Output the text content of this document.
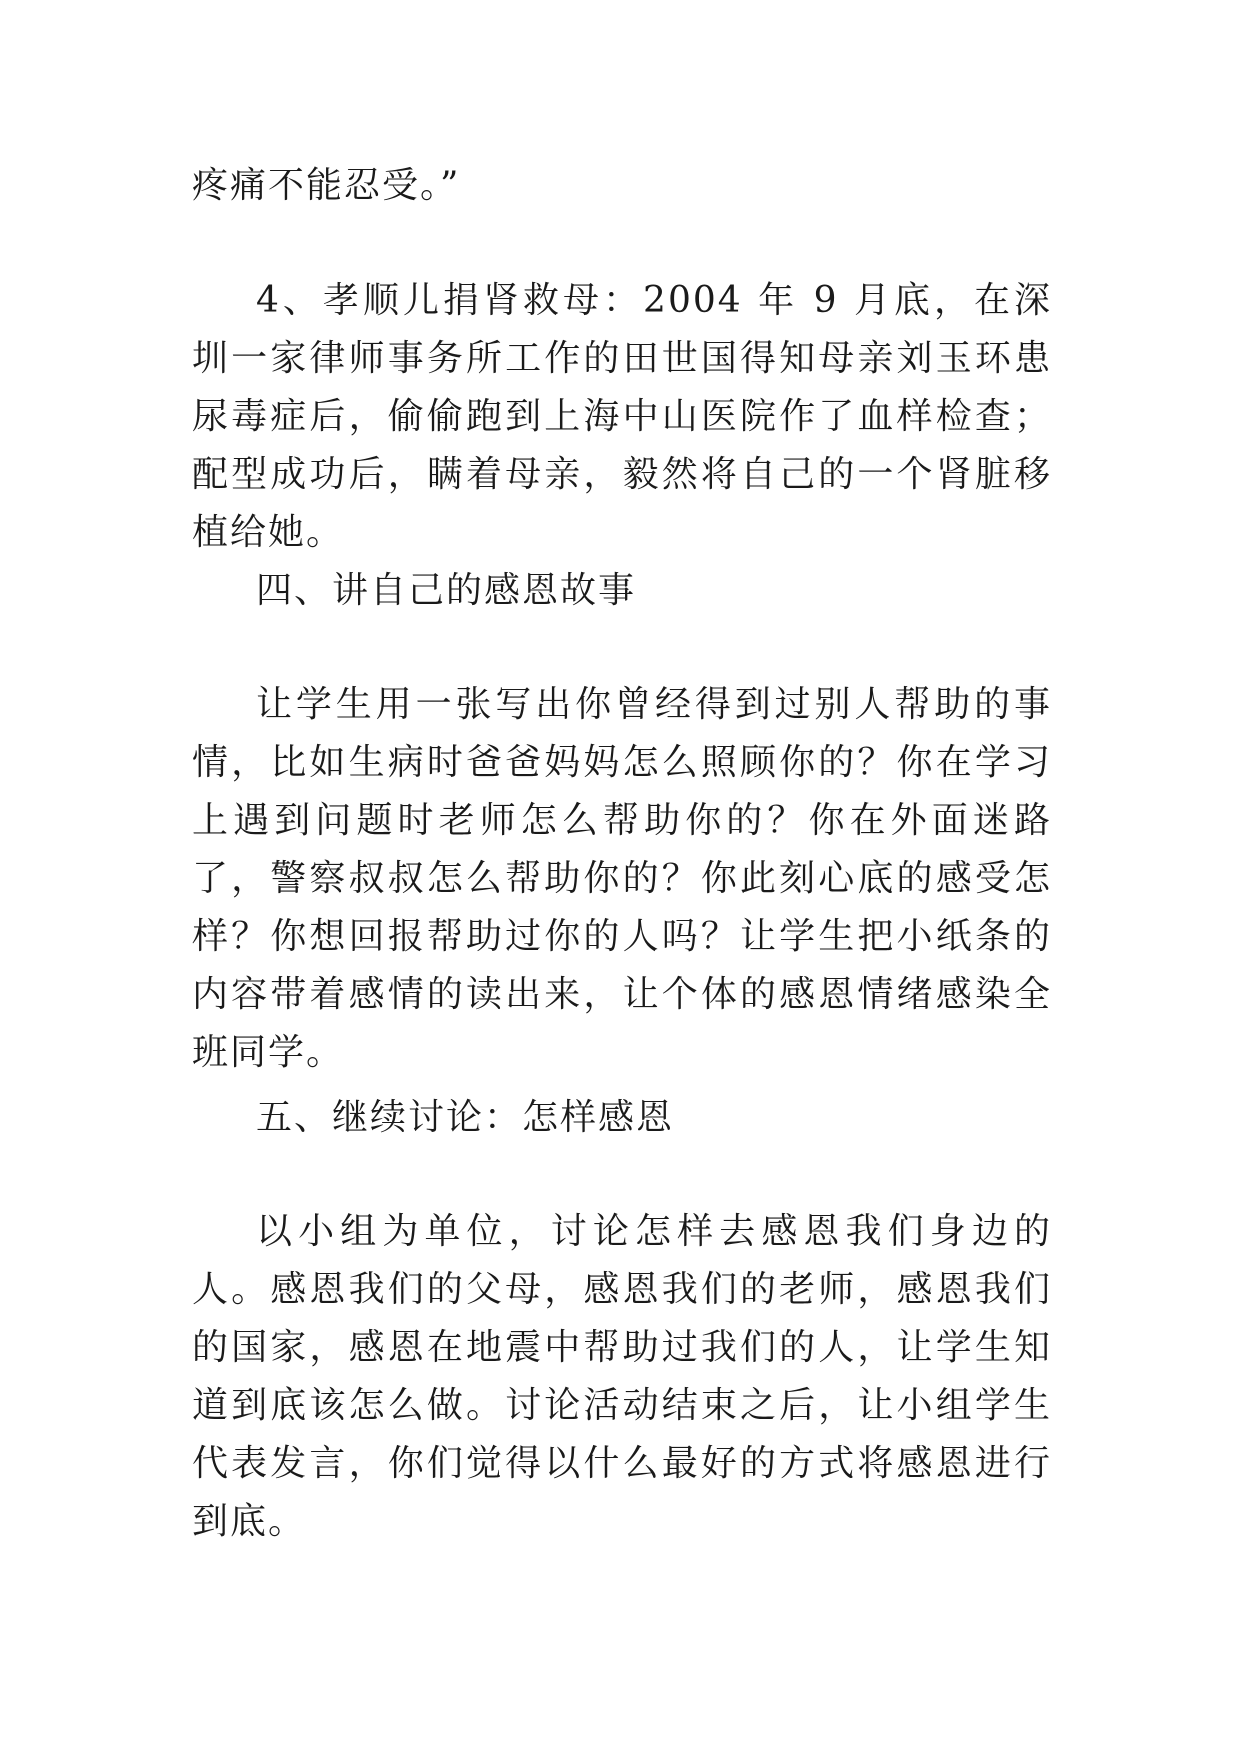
疼痛不能忍受。”

4、孝顺儿捐肾救母：2004 年 9 月底，在深圳一家律师事务所工作的田世国得知母亲刘玉环患尿毒症后，偷偷跑到上海中山医院作了血样检查；配型成功后，瞒着母亲，毅然将自己的一个肾脏移植给她。

四、讲自己的感恩故事

让学生用一张写出你曾经得到过别人帮助的事情，比如生病时爸爸妈妈怎么照顾你的？你在学习上遇到问题时老师怎么帮助你的？你在外面迷路了，警察叔叔怎么帮助你的？你此刻心底的感受怎样？你想回报帮助过你的人吗？让学生把小纸条的内容带着感情的读出来，让个体的感恩情绪感染全班同学。

五、继续讨论：怎样感恩

以小组为单位，讨论怎样去感恩我们身边的人。感恩我们的父母，感恩我们的老师，感恩我们的国家，感恩在地震中帮助过我们的人，让学生知道到底该怎么做。讨论活动结束之后，让小组学生代表发言，你们觉得以什么最好的方式将感恩进行到底。
